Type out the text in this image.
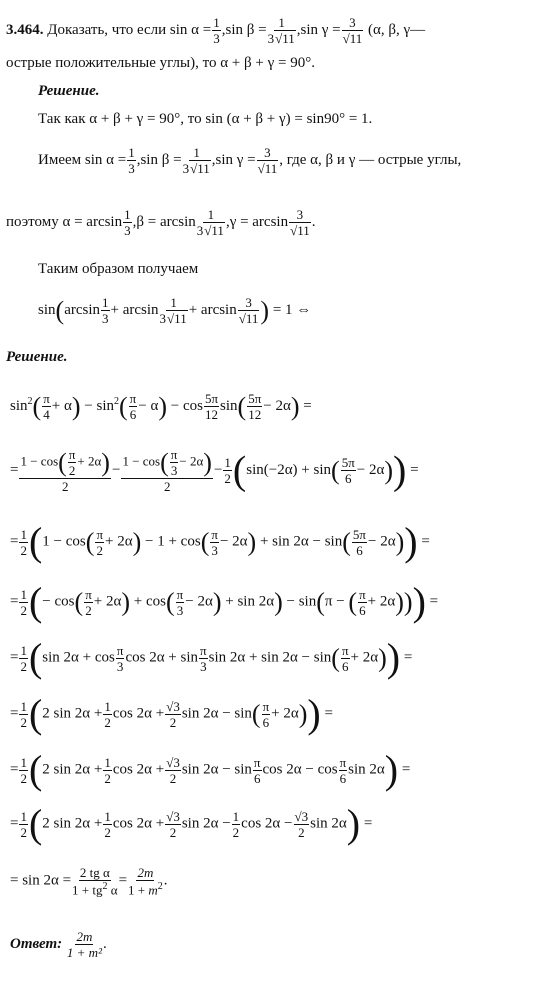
3.464. Доказать, что если $\sin \alpha = \frac{1}{3} ,\sin$ $\beta = \frac{1}{3√11} ,\sin$ $\gamma = \frac{3}{√11} (\alpha$, β, γ—
острые положительные углы), то α + β + γ = 90°.
Решение.
Так как α + β + γ = 90°, то sin (α + β + γ) = sin90° = 1.
Имеем $\sin \alpha = \frac{1}{3} ,\sin$ $\beta = \frac{1}{3√11} ,\sin$ $\gamma = \frac{3}{√11}$ , где α, β и γ — острые углы,
поэтому $\alpha = \arcsin \frac{1}{3} ,\beta = \arcsin \frac{1}{3√11} ,\gamma = \arcsin \frac{3}{√11}$ .
Таким образом получаем
$\sin(\arcsin \frac{1}{3} + \arcsin \frac{1}{3√11} + \arcsin \frac{3}{√11}$ ) = 1 ⇔
Решение.
$\sin^2( \frac{\pi}{4} + \alpha) - \sin^2( \frac{\pi}{6} - \alpha) - \cos \frac{5\pi}{12} \sin( \frac{5\pi}{12} - 2\alpha)$ =
= $\frac{1 - \cos( \frac{\pi}{2} + 2\alpha)}{2} - \frac{1 - \cos( \frac{\pi}{3} - 2\alpha)}{2} - \frac{1}{2} (\sin(-2\alpha) + \sin( \frac{5\pi}{6} - 2\alpha))$ =
= $\frac{1}{2} (1 - \cos( \frac{\pi}{2} + 2\alpha) - 1 + \cos( \frac{\pi}{3} - 2\alpha) + \sin 2\alpha - \sin( \frac{5\pi}{6} - 2\alpha))$ =
= $\frac{1}{2}$ (− $\cos( \frac{\pi}{2} + 2\alpha) + \cos( \frac{\pi}{3} - 2\alpha) + \sin 2\alpha) - \sin(\pi$ − ( $\frac{\pi}{6} + 2\alpha$))) =
= $\frac{1}{2} (\sin$ $2\alpha + \cos \frac{\pi}{3}$ $\cos 2\alpha + \sin \frac{\pi}{3}$ $\sin 2\alpha + \sin 2\alpha - \sin( \frac{\pi}{6} + 2\alpha)$) =
= $\frac{1}{2} (2$ $\sin 2\alpha + \frac{1}{2}$ $\cos 2\alpha + \frac{√3}{2}$ $\sin 2\alpha - \sin( \frac{\pi}{6} + 2\alpha)$) =
= $\frac{1}{2} (2$ $\sin 2\alpha + \frac{1}{2}$ $\cos 2\alpha + \frac{√3}{2}$ $\sin 2\alpha - \sin \frac{\pi}{6}$ $\cos 2\alpha - \cos \frac{\pi}{6}$ sin 2α) =
= $\frac{1}{2} (2$ $\sin 2\alpha + \frac{1}{2}$ $\cos 2\alpha + \frac{√3}{2}$ $\sin 2\alpha - \frac{1}{2}$ $\cos 2\alpha - \frac{√3}{2}$ sin 2α) =
= $\sin 2\alpha = \frac{\text{2 tg α}}{1 + tg^2 \alpha} = \frac{2m}{1 + m^2}$ .
Ответ: $\frac{2m}{\text{1 + m²}}$ .
